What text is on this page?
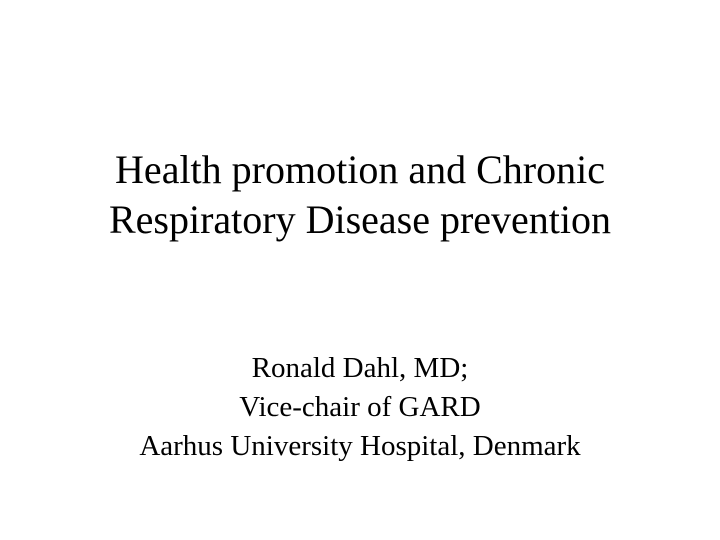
Health promotion and Chronic
Respiratory Disease prevention
Ronald Dahl, MD;
Vice-chair of GARD
Aarhus University Hospital, Denmark
